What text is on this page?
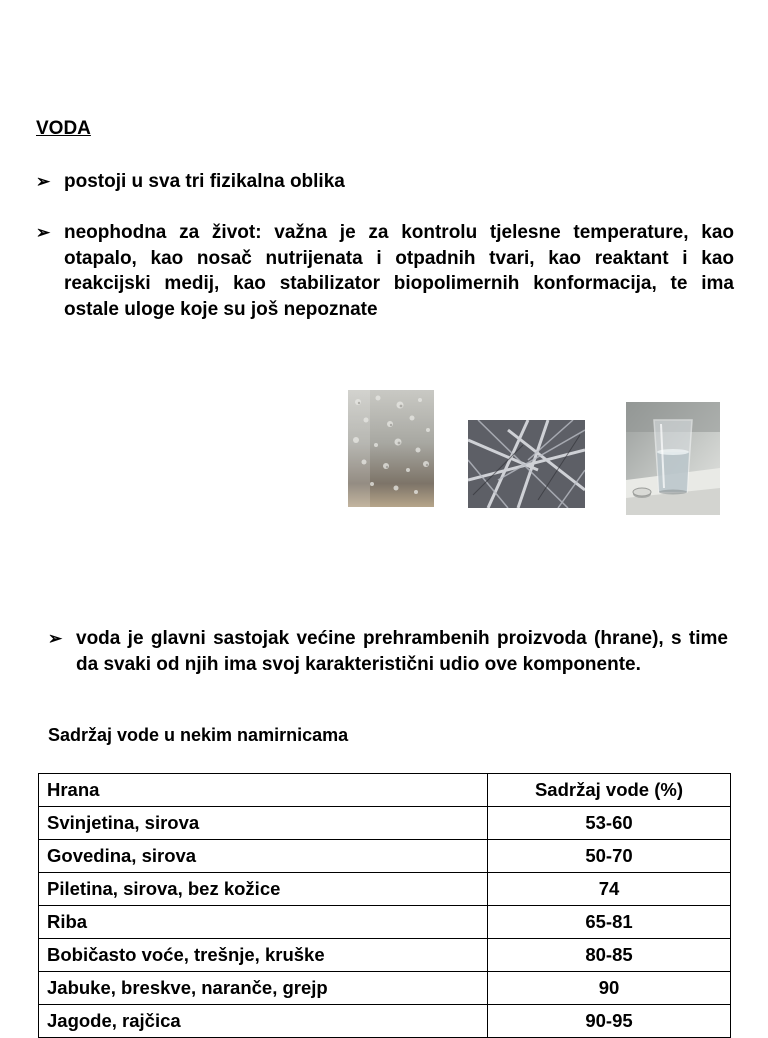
VODA
➢ postoji u sva tri fizikalna oblika
➢ neophodna za život: važna je za kontrolu tjelesne temperature, kao otapalo, kao nosač nutrijenata i otpadnih tvari, kao reaktant i kao reakcijski medij, kao stabilizator biopolimernih konformacija, te ima ostale uloge koje su još nepoznate
➢ voda je glavni sastojak većine prehrambenih proizvoda (hrane), s time da svaki od njih ima svoj karakteristični udio ove komponente.
Sadržaj vode u nekim namirnicama
Hrana	Sadržaj vode (%)
Svinjetina, sirova	53-60
Govedina, sirova	50-70
Piletina, sirova, bez kožice	74
Riba	65-81
Bobičasto voće, trešnje, kruške	80-85
Jabuke, breskve, naranče, grejp	90
Jagode, rajčica	90-95
